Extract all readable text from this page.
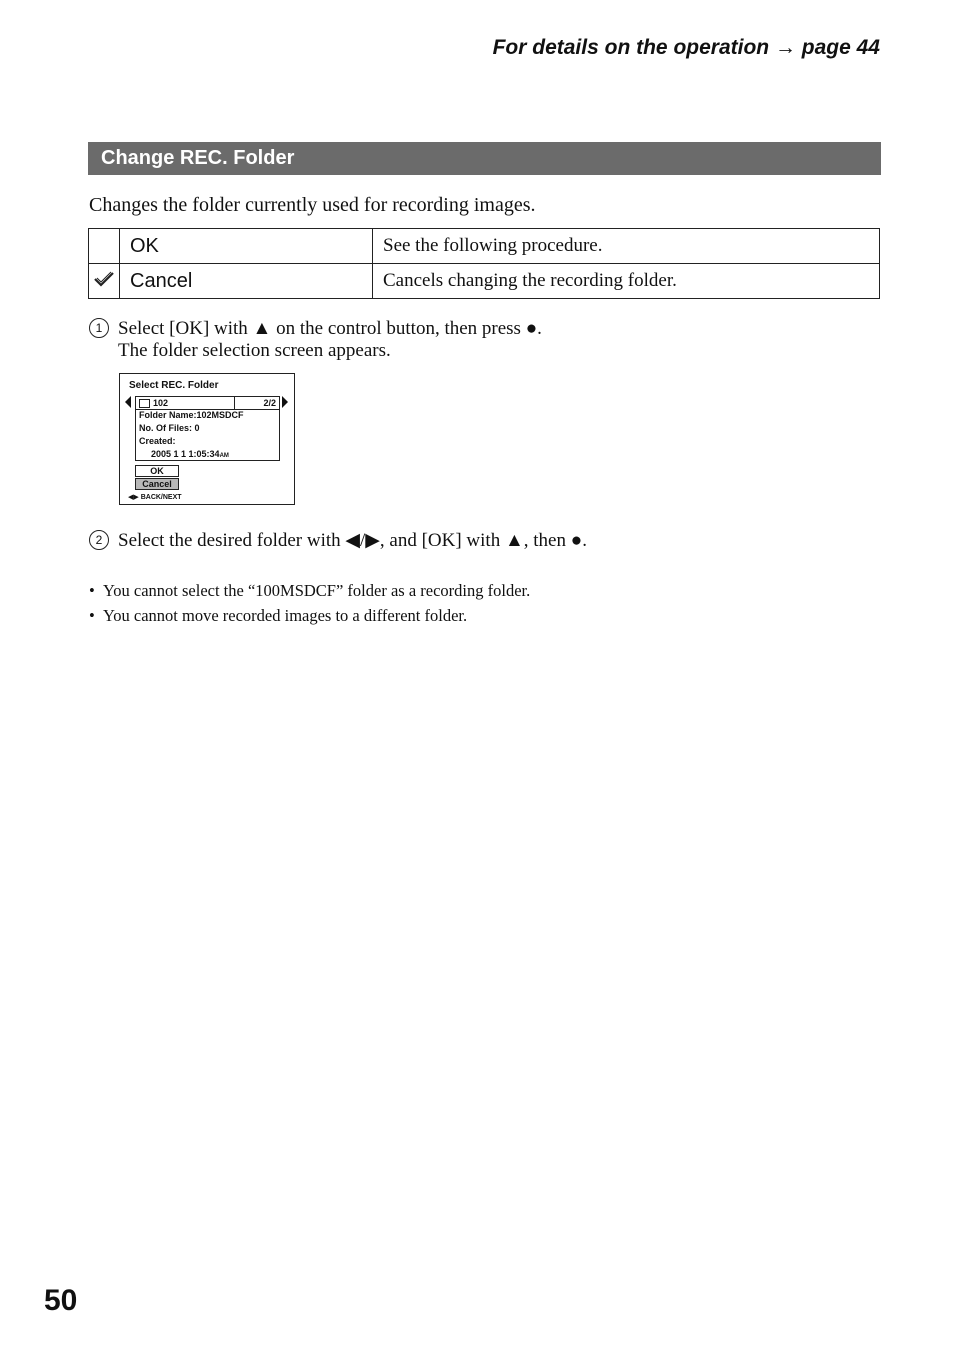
For details on the operation → page 44
Change REC. Folder
Changes the folder currently used for recording images.
	OK	See the following procedure.
	Cancel	Cancels changing the recording folder.
1 Select [OK] with ▲ on the control button, then press ●.
The folder selection screen appears.
Select REC. Folder
102	2/2
Folder Name:102MSDCF
No. Of Files: 0
Created:
2005 1 1 1:05:34AM
OK
Cancel
◀▶ BACK/NEXT
2 Select the desired folder with ◀/▶, and [OK] with ▲, then ●.
• You cannot select the “100MSDCF” folder as a recording folder.
• You cannot move recorded images to a different folder.
50
